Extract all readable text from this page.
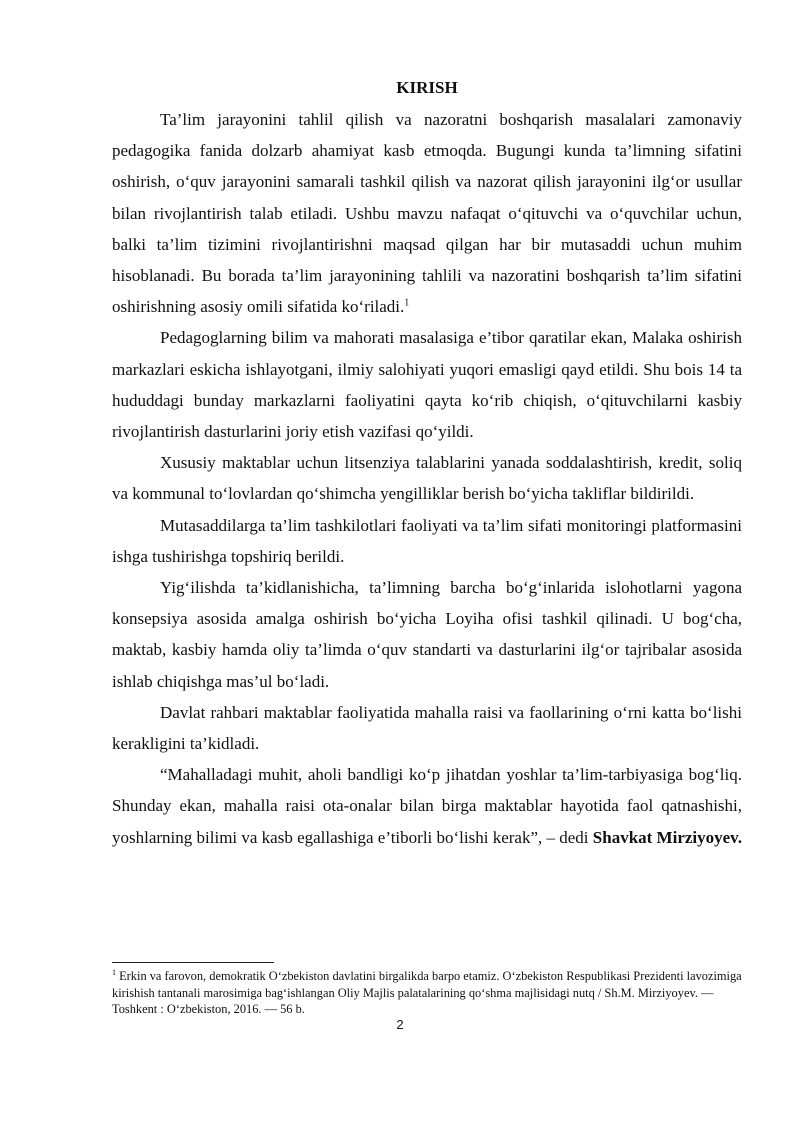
KIRISH

Ta’lim jarayonini tahlil qilish va nazoratni boshqarish masalalari zamonaviy pedagogika fanida dolzarb ahamiyat kasb etmoqda. Bugungi kunda ta’limning sifatini oshirish, o‘quv jarayonini samarali tashkil qilish va nazorat qilish jarayonini ilg‘or usullar bilan rivojlantirish talab etiladi. Ushbu mavzu nafaqat o‘qituvchi va o‘quvchilar uchun, balki ta’lim tizimini rivojlantirishni maqsad qilgan har bir mutasaddi uchun muhim hisoblanadi. Bu borada ta’lim jarayonining tahlili va nazoratini boshqarish ta’lim sifatini oshirishning asosiy omili sifatida ko‘riladi.$^1$

Pedagoglarning bilim va mahorati masalasiga e’tibor qaratilar ekan, Malaka oshirish markazlari eskicha ishlayotgani, ilmiy salohiyati yuqori emasligi qayd etildi. Shu bois 14 ta hududdagi bunday markazlarni faoliyatini qayta ko‘rib chiqish, o‘qituvchilarni kasbiy rivojlantirish dasturlarini joriy etish vazifasi qo‘yildi.

Xususiy maktablar uchun litsenziya talablarini yanada soddalashtirish, kredit, soliq va kommunal to‘lovlardan qo‘shimcha yengilliklar berish bo‘yicha takliflar bildirildi.

Mutasaddilarga ta’lim tashkilotlari faoliyati va ta’lim sifati monitoringi platformasini ishga tushirishga topshiriq berildi.

Yig‘ilishda ta’kidlanishicha, ta’limning barcha bo‘g‘inlarida islohotlarni yagona konsepsiya asosida amalga oshirish bo‘yicha Loyiha ofisi tashkil qilinadi. U bog‘cha, maktab, kasbiy hamda oliy ta’limda o‘quv standarti va dasturlarini ilg‘or tajribalar asosida ishlab chiqishga mas’ul bo‘ladi.

Davlat rahbari maktablar faoliyatida mahalla raisi va faollarining o‘rni katta bo‘lishi kerakligini ta’kidladi.

“Mahalladagi muhit, aholi bandligi ko‘p jihatdan yoshlar ta’lim-tarbiyasiga bog‘liq. Shunday ekan, mahalla raisi ota-onalar bilan birga maktablar hayotida faol qatnashishi, yoshlarning bilimi va kasb egallashiga e’tiborli bo‘lishi kerak”, – dedi Shavkat Mirziyoyev.

$^1$ Erkin va farovon, demokratik O‘zbekiston davlatini birgalikda barpo etamiz. O‘zbekiston Respublikasi Prezidenti lavozimiga kirishish tantanali marosimiga bag‘ishlangan Oliy Majlis palatalarining qo‘shma majlisidagi nutq / Sh.M. Mirziyoyev. — Toshkent : O‘zbekiston, 2016. — 56 b.

2
